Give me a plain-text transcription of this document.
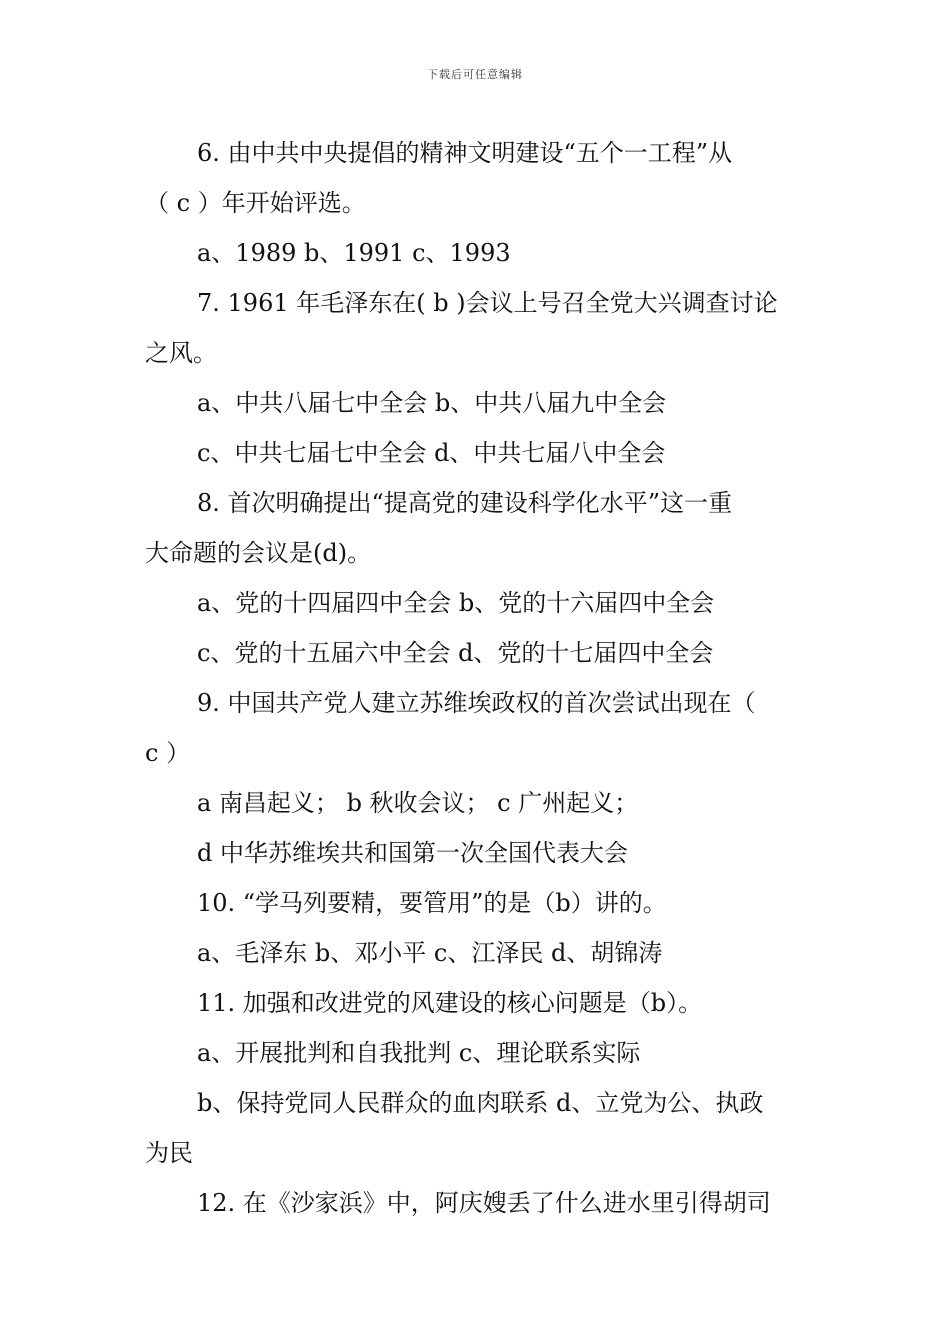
下载后可任意编辑
6. 由中共中央提倡的精神文明建设“五个一工程”从
（ c ）年开始评选。
a、1989 b、1991 c、1993
7. 1961 年毛泽东在( b )会议上号召全党大兴调查讨论
之风。
a、中共八届七中全会 b、中共八届九中全会
c、中共七届七中全会 d、中共七届八中全会
8. 首次明确提出“提高党的建设科学化水平”这一重
大命题的会议是(d)。
a、党的十四届四中全会 b、党的十六届四中全会
c、党的十五届六中全会 d、党的十七届四中全会
9. 中国共产党人建立苏维埃政权的首次尝试出现在（
c ）
a 南昌起义； b 秋收会议； c 广州起义；
d 中华苏维埃共和国第一次全国代表大会
10. “学马列要精，要管用”的是（b）讲的。
a、毛泽东 b、邓小平 c、江泽民 d、胡锦涛
11. 加强和改进党的风建设的核心问题是（b）。
a、开展批判和自我批判 c、理论联系实际
b、保持党同人民群众的血肉联系 d、立党为公、执政
为民
12. 在《沙家浜》中，阿庆嫂丢了什么进水里引得胡司
